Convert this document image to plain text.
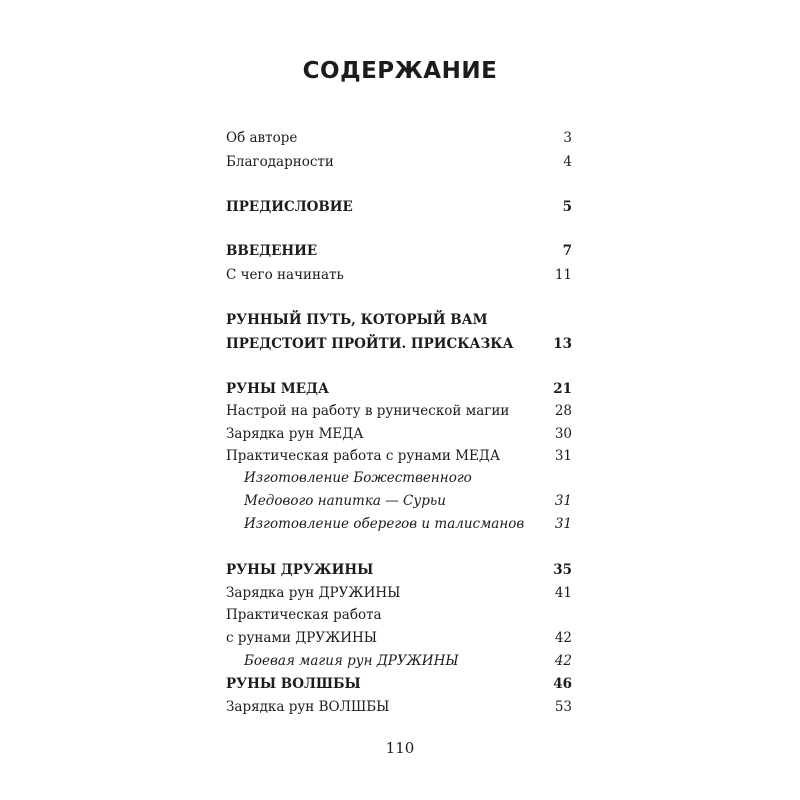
СОДЕРЖАНИЕ
Об авторе	3
Благодарности	4
ПРЕДИСЛОВИЕ	5
ВВЕДЕНИЕ	7
С чего начинать	11
РУННЫЙ ПУТЬ, КОТОРЫЙ ВАМ
ПРЕДСТОИТ ПРОЙТИ. ПРИСКАЗКА	13
РУНЫ МЕДА	21
Настрой на работу в рунической магии	28
Зарядка рун МЕДА	30
Практическая работа с рунами МЕДА	31
Изготовление Божественного
Медового напитка — Сурьи	31
Изготовление оберегов и талисманов 31
РУНЫ ДРУЖИНЫ	35
Зарядка рун ДРУЖИНЫ	41
Практическая работа
с рунами ДРУЖИНЫ	42
Боевая магия рун ДРУЖИНЫ	42
РУНЫ ВОЛШБЫ	46
Зарядка рун ВОЛШБЫ	53
110
